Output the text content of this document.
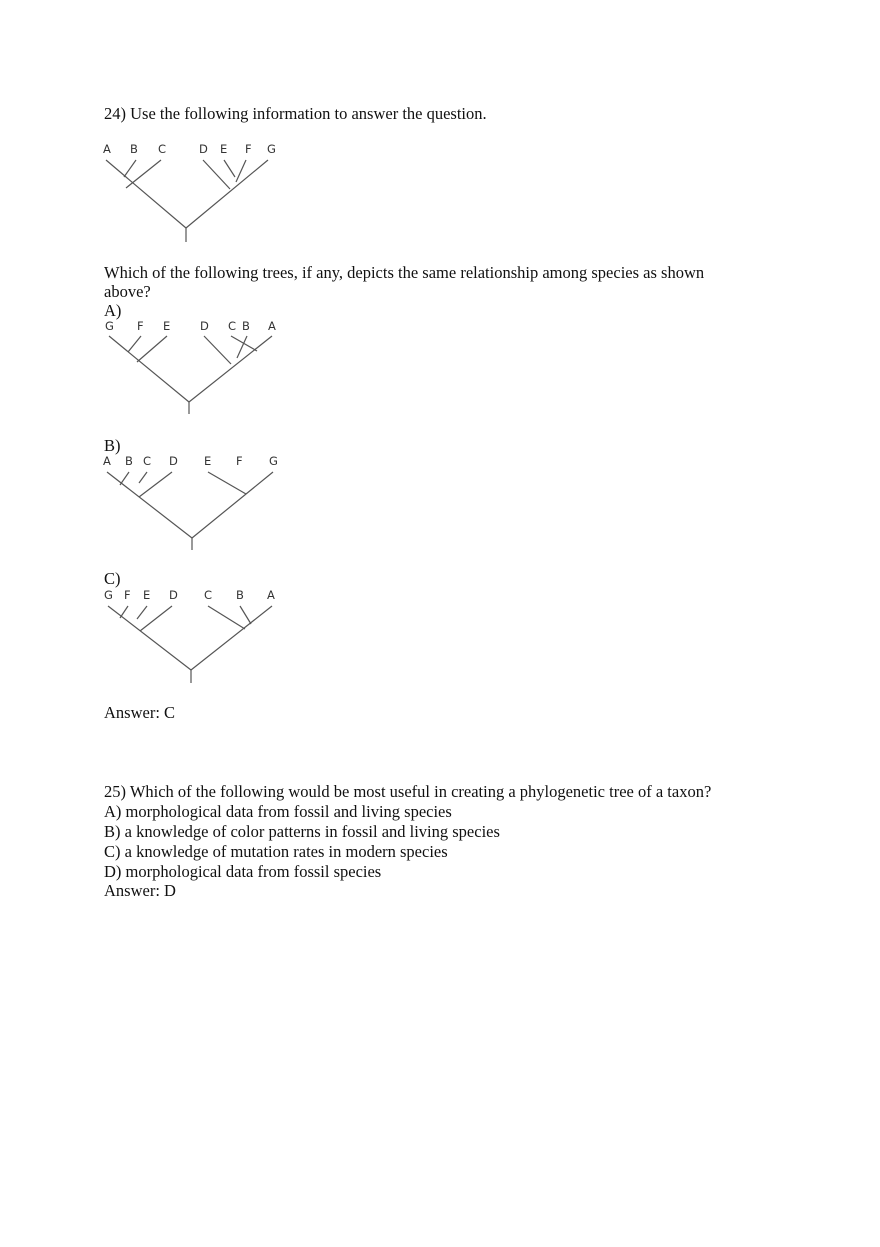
24) Use the following information to answer the question.
A B C	D E F G
Which of the following trees, if any, depicts the same relationship among species as shown
above?
A)
G F E	D C B A
B)
A B C D E F G
C)
G F E D C B A
Answer: C
25) Which of the following would be most useful in creating a phylogenetic tree of a taxon?
A) morphological data from fossil and living species
B) a knowledge of color patterns in fossil and living species
C) a knowledge of mutation rates in modern species
D) morphological data from fossil species
Answer: D
